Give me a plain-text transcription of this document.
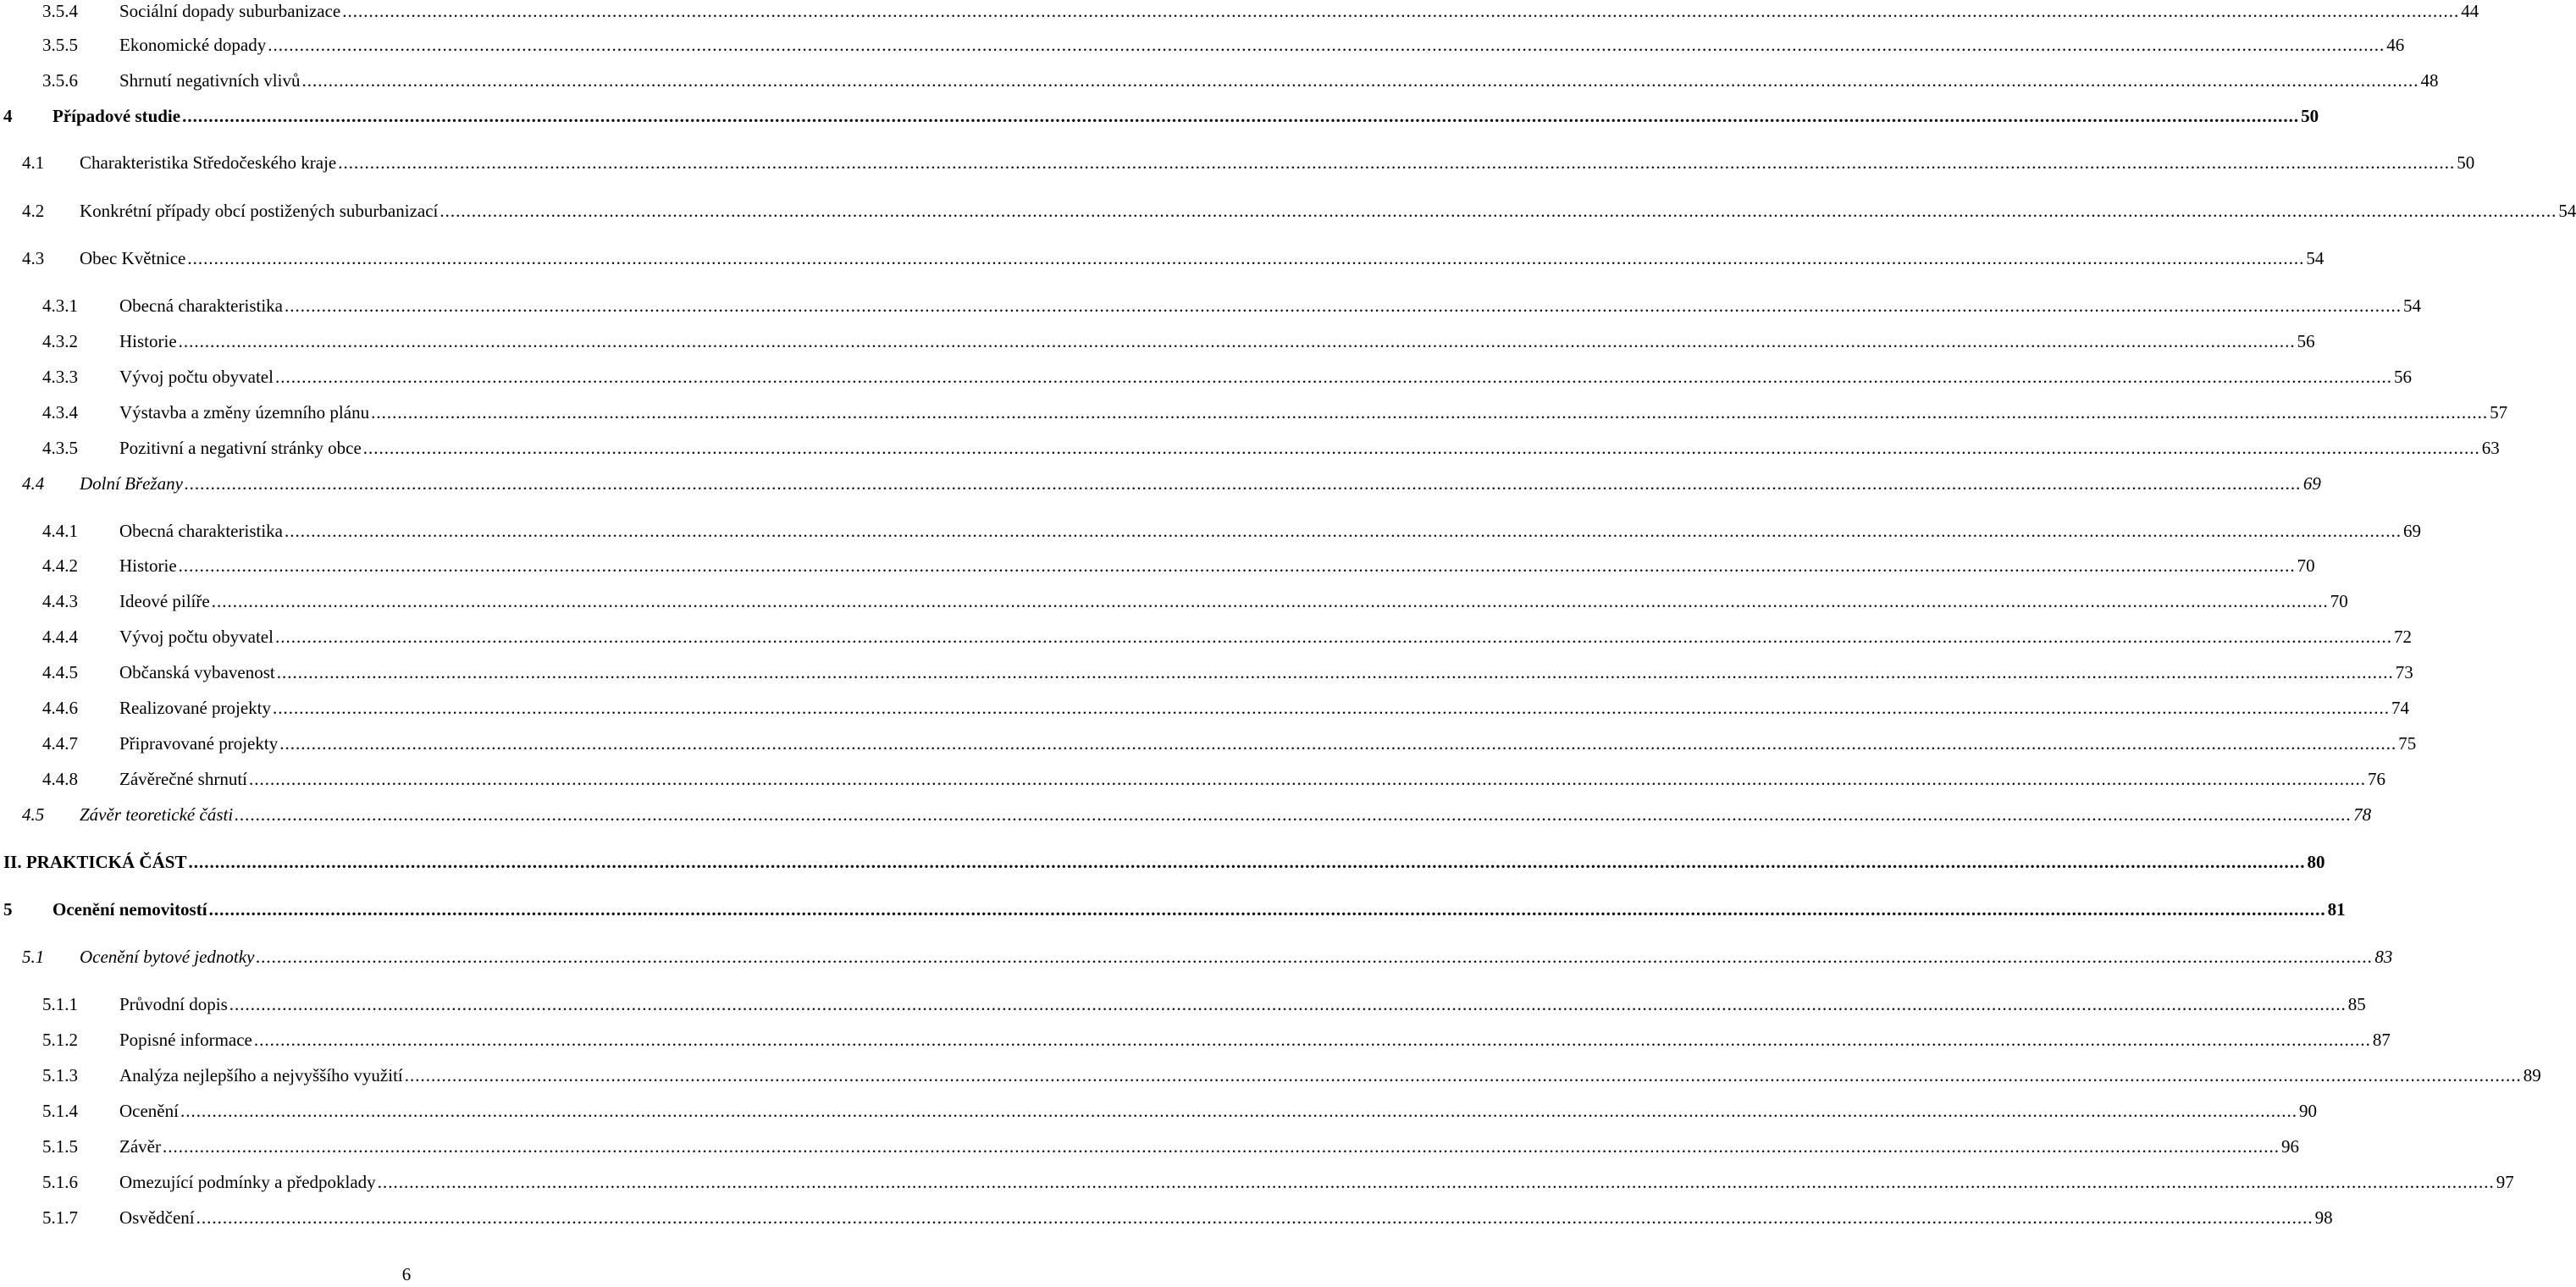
3.5.4	Sociální dopady suburbanizace ................................................................................................................................................................................................................................................................................................................................................................................................................ 44
3.5.5	Ekonomické dopady ................................................................................................................................................................................................................................................................................................................................................................................................................ 46
3.5.6	Shrnutí negativních vlivů ................................................................................................................................................................................................................................................................................................................................................................................................................ 48
4	Případové studie ................................................................................................................................................................................................................................................................................................................................................................................................................ 50
4.1	Charakteristika Středočeského kraje ................................................................................................................................................................................................................................................................................................................................................................................................................ 50
4.2	Konkrétní případy obcí postižených suburbanizací ................................................................................................................................................................................................................................................................................................................................................................................................................ 54
4.3	Obec Květnice ................................................................................................................................................................................................................................................................................................................................................................................................................ 54
4.3.1	Obecná charakteristika ................................................................................................................................................................................................................................................................................................................................................................................................................ 54
4.3.2	Historie ................................................................................................................................................................................................................................................................................................................................................................................................................ 56
4.3.3	Vývoj počtu obyvatel ................................................................................................................................................................................................................................................................................................................................................................................................................ 56
4.3.4	Výstavba a změny územního plánu ................................................................................................................................................................................................................................................................................................................................................................................................................ 57
4.3.5	Pozitivní a negativní stránky obce ................................................................................................................................................................................................................................................................................................................................................................................................................ 63
4.4	Dolní Břežany ................................................................................................................................................................................................................................................................................................................................................................................................................ 69
4.4.1	Obecná charakteristika ................................................................................................................................................................................................................................................................................................................................................................................................................ 69
4.4.2	Historie ................................................................................................................................................................................................................................................................................................................................................................................................................ 70
4.4.3	Ideové pilíře ................................................................................................................................................................................................................................................................................................................................................................................................................ 70
4.4.4	Vývoj počtu obyvatel ................................................................................................................................................................................................................................................................................................................................................................................................................ 72
4.4.5	Občanská vybavenost ................................................................................................................................................................................................................................................................................................................................................................................................................ 73
4.4.6	Realizované projekty ................................................................................................................................................................................................................................................................................................................................................................................................................ 74
4.4.7	Připravované projekty ................................................................................................................................................................................................................................................................................................................................................................................................................ 75
4.4.8	Závěrečné shrnutí ................................................................................................................................................................................................................................................................................................................................................................................................................ 76
4.5	Závěr teoretické části ................................................................................................................................................................................................................................................................................................................................................................................................................ 78
II. PRAKTICKÁ ČÁST ................................................................................................................................................................................................................................................................................................................................................................................................................ 80
5	Ocenění nemovitostí ................................................................................................................................................................................................................................................................................................................................................................................................................ 81
5.1	Ocenění bytové jednotky ................................................................................................................................................................................................................................................................................................................................................................................................................ 83
5.1.1	Průvodní dopis ................................................................................................................................................................................................................................................................................................................................................................................................................ 85
5.1.2	Popisné informace ................................................................................................................................................................................................................................................................................................................................................................................................................ 87
5.1.3	Analýza nejlepšího a nejvyššího využití ................................................................................................................................................................................................................................................................................................................................................................................................................ 89
5.1.4	Ocenění ................................................................................................................................................................................................................................................................................................................................................................................................................ 90
5.1.5	Závěr ................................................................................................................................................................................................................................................................................................................................................................................................................ 96
5.1.6	Omezující podmínky a předpoklady ................................................................................................................................................................................................................................................................................................................................................................................................................ 97
5.1.7	Osvědčení ................................................................................................................................................................................................................................................................................................................................................................................................................ 98
6
